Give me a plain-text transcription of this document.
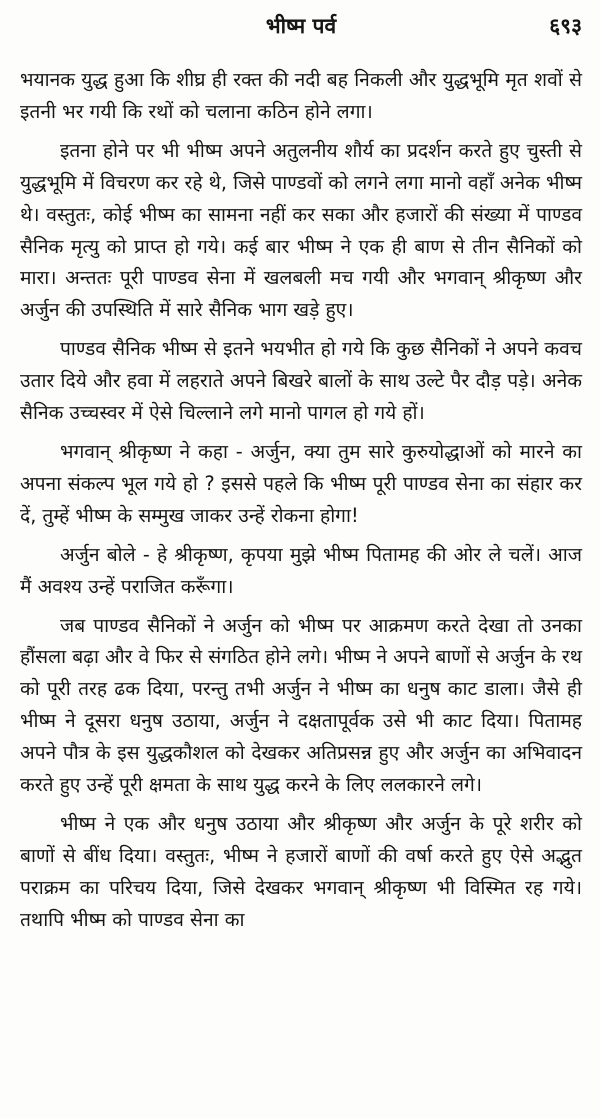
भीष्म पर्व	६९३

भयानक युद्ध हुआ कि शीघ्र ही रक्त की नदी बह निकली और युद्धभूमि मृत शवों से इतनी भर गयी कि रथों को चलाना कठिन होने लगा।

इतना होने पर भी भीष्म अपने अतुलनीय शौर्य का प्रदर्शन करते हुए चुस्ती से युद्धभूमि में विचरण कर रहे थे, जिसे पाण्डवों को लगने लगा मानो वहाँ अनेक भीष्म थे। वस्तुतः, कोई भीष्म का सामना नहीं कर सका और हजारों की संख्या में पाण्डव सैनिक मृत्यु को प्राप्त हो गये। कई बार भीष्म ने एक ही बाण से तीन सैनिकों को मारा। अन्ततः पूरी पाण्डव सेना में खलबली मच गयी और भगवान् श्रीकृष्ण और अर्जुन की उपस्थिति में सारे सैनिक भाग खड़े हुए।

पाण्डव सैनिक भीष्म से इतने भयभीत हो गये कि कुछ सैनिकों ने अपने कवच उतार दिये और हवा में लहराते अपने बिखरे बालों के साथ उल्टे पैर दौड़ पड़े। अनेक सैनिक उच्चस्वर में ऐसे चिल्लाने लगे मानो पागल हो गये हों।

भगवान् श्रीकृष्ण ने कहा - अर्जुन, क्या तुम सारे कुरुयोद्धाओं को मारने का अपना संकल्प भूल गये हो ? इससे पहले कि भीष्म पूरी पाण्डव सेना का संहार कर दें, तुम्हें भीष्म के सम्मुख जाकर उन्हें रोकना होगा!

अर्जुन बोले - हे श्रीकृष्ण, कृपया मुझे भीष्म पितामह की ओर ले चलें। आज मैं अवश्य उन्हें पराजित करूँगा।

जब पाण्डव सैनिकों ने अर्जुन को भीष्म पर आक्रमण करते देखा तो उनका हौंसला बढ़ा और वे फिर से संगठित होने लगे। भीष्म ने अपने बाणों से अर्जुन के रथ को पूरी तरह ढक दिया, परन्तु तभी अर्जुन ने भीष्म का धनुष काट डाला। जैसे ही भीष्म ने दूसरा धनुष उठाया, अर्जुन ने दक्षतापूर्वक उसे भी काट दिया। पितामह अपने पौत्र के इस युद्धकौशल को देखकर अतिप्रसन्न हुए और अर्जुन का अभिवादन करते हुए उन्हें पूरी क्षमता के साथ युद्ध करने के लिए ललकारने लगे।

भीष्म ने एक और धनुष उठाया और श्रीकृष्ण और अर्जुन के पूरे शरीर को बाणों से बींध दिया। वस्तुतः, भीष्म ने हजारों बाणों की वर्षा करते हुए ऐसे अद्भुत पराक्रम का परिचय दिया, जिसे देखकर भगवान् श्रीकृष्ण भी विस्मित रह गये। तथापि भीष्म को पाण्डव सेना का
